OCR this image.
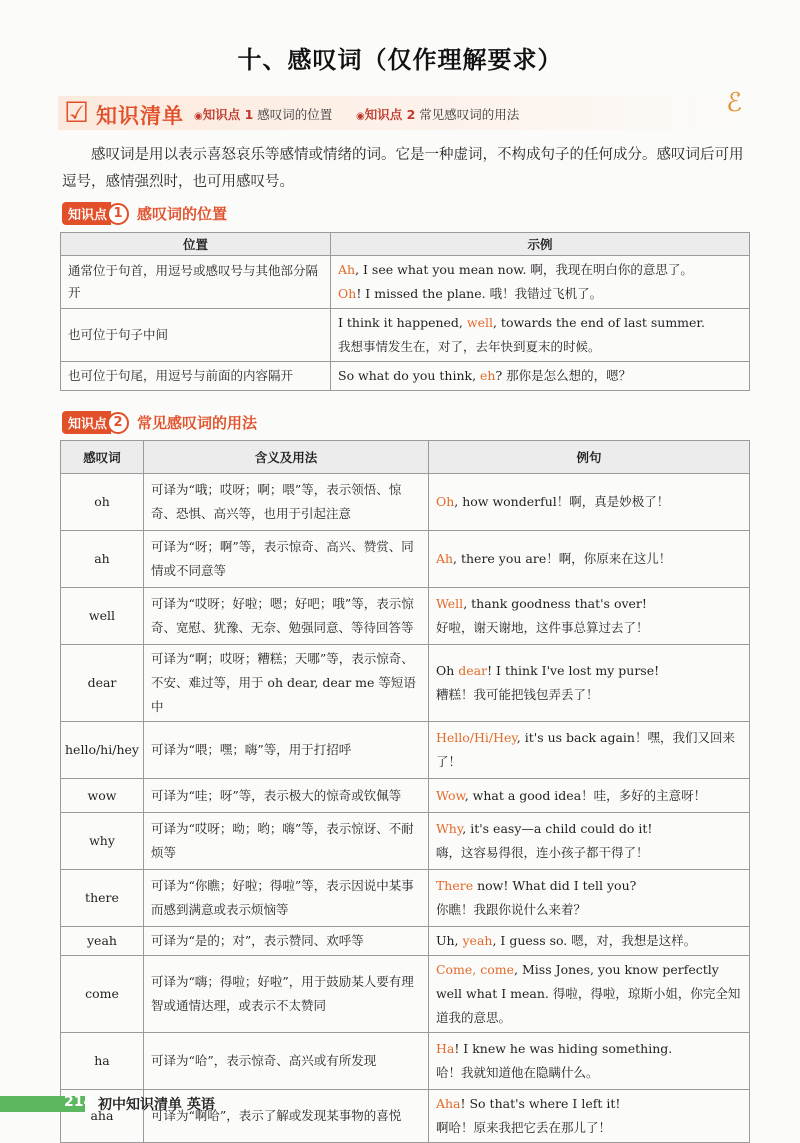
十、感叹词（仅作理解要求）
☑ 知识清单 ◉知识点 1 感叹词的位置 ◉知识点 2 常见感叹词的用法	ℰ
感叹词是用以表示喜怒哀乐等感情或情绪的词。它是一种虚词，不构成句子的任何成分。感叹词后可用逗号，感情强烈时，也可用感叹号。
知识点 1 感叹词的位置
位置	示例
通常位于句首，用逗号或感叹号与其他部分隔开	Ah, I see what you mean now. 啊，我现在明白你的意思了。
Oh! I missed the plane. 哦！我错过飞机了。

也可位于句子中间	I think it happened, well, towards the end of last summer.
我想事情发生在，对了，去年快到夏末的时候。

也可位于句尾，用逗号与前面的内容隔开	So what do you think, eh? 那你是怎么想的，嗯？
知识点 2 常见感叹词的用法
感叹词	含义及用法	例句
oh	可译为“哦；哎呀；啊；喂”等，表示领悟、惊奇、恐惧、高兴等，也用于引起注意	Oh, how wonderful！啊，真是妙极了！

ah	可译为“呀；啊”等，表示惊奇、高兴、赞赏、同情或不同意等	Ah, there you are！啊，你原来在这儿！

well	可译为“哎呀；好啦；嗯；好吧；哦”等，表示惊奇、宽慰、犹豫、无奈、勉强同意、等待回答等	Well, thank goodness that's over!
好啦，谢天谢地，这件事总算过去了！

dear	可译为“啊；哎呀；糟糕；天哪”等，表示惊奇、不安、难过等，用于 oh dear, dear me 等短语中	Oh dear! I think I've lost my purse!
糟糕！我可能把钱包弄丢了！

hello/hi/hey	可译为“喂；嘿；嗨”等，用于打招呼	Hello/Hi/Hey, it's us back again！嘿，我们又回来了！

wow	可译为“哇；呀”等，表示极大的惊奇或钦佩等	Wow, what a good idea！哇，多好的主意呀！

why	可译为“哎呀；呦；哟；嗨”等，表示惊讶、不耐烦等	Why, it's easy—a child could do it!
嗨，这容易得很，连小孩子都干得了！

there	可译为“你瞧；好啦；得啦”等，表示因说中某事而感到满意或表示烦恼等	There now! What did I tell you?
你瞧！我跟你说什么来着？

yeah	可译为“是的；对”，表示赞同、欢呼等	Uh, yeah, I guess so. 嗯，对，我想是这样。

come	可译为“嗨；得啦；好啦”，用于鼓励某人要有理智或通情达理，或表示不太赞同	Come, come, Miss Jones, you know perfectly well what I mean. 得啦，得啦，琼斯小姐，你完全知道我的意思。

ha	可译为“哈”，表示惊奇、高兴或有所发现	Ha! I knew he was hiding something.
哈！我就知道他在隐瞒什么。

aha	可译为“啊哈”，表示了解或发现某事物的喜悦	Aha! So that's where I left it!
啊哈！原来我把它丢在那儿了！
214 初中知识清单 英语
